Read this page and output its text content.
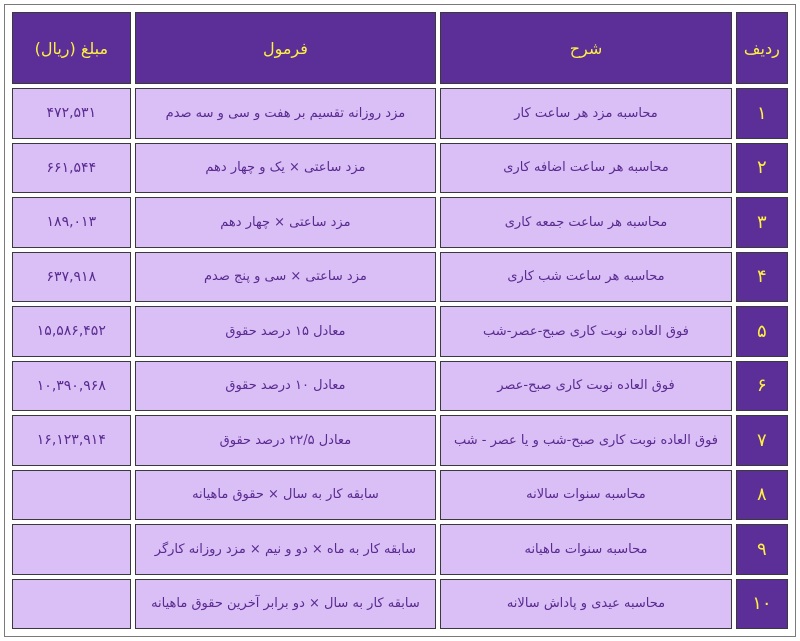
ردیف	شرح	فرمول	مبلغ (ریال)
۱	محاسبه مزد هر ساعت کار	مزد روزانه تقسیم بر هفت و سی و سه صدم	۴۷۲,۵۳۱
۲	محاسبه هر ساعت اضافه کاری	مزد ساعتی × یک و چهار دهم	۶۶۱,۵۴۴
۳	محاسبه هر ساعت جمعه کاری	مزد ساعتی × چهار دهم	۱۸۹,۰۱۳
۴	محاسبه هر ساعت شب کاری	مزد ساعتی × سی و پنج صدم	۶۳۷,۹۱۸
۵	فوق العاده نوبت کاری صبح-عصر-شب	معادل ۱۵ درصد حقوق	۱۵,۵۸۶,۴۵۲
۶	فوق العاده نوبت کاری صبح-عصر	معادل ۱۰ درصد حقوق	۱۰,۳۹۰,۹۶۸
۷	فوق العاده نوبت کاری صبح-شب و یا عصر - شب	معادل ۲۲/۵ درصد حقوق	۱۶,۱۲۳,۹۱۴
۸	محاسبه سنوات سالانه	سابقه کار به سال × حقوق ماهیانه	
۹	محاسبه سنوات ماهیانه	سابقه کار به ماه × دو و نیم × مزد روزانه کارگر	
۱۰	محاسبه عیدی و پاداش سالانه	سابقه کار به سال × دو برابر آخرین حقوق ماهیانه	
